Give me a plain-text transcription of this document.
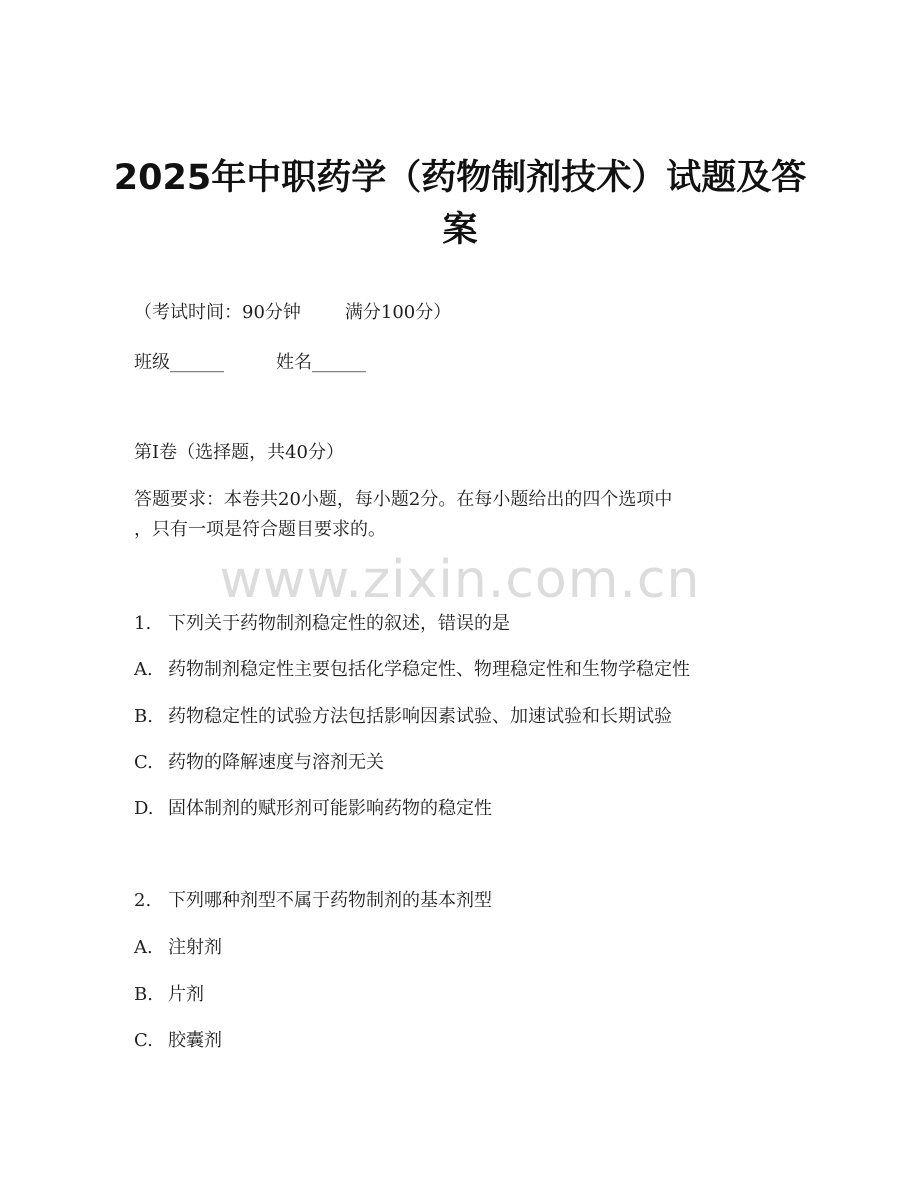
2025年中职药学（药物制剂技术）试题及答
案
（考试时间：90分钟 满分100分）
班级______	姓名______
第I卷（选择题，共40分）
答题要求：本卷共20小题，每小题2分。在每小题给出的四个选项中
，只有一项是符合题目要求的。
www.zixin.com.cn
1. 下列关于药物制剂稳定性的叙述，错误的是
A. 药物制剂稳定性主要包括化学稳定性、物理稳定性和生物学稳定性
B. 药物稳定性的试验方法包括影响因素试验、加速试验和长期试验
C. 药物的降解速度与溶剂无关
D. 固体制剂的赋形剂可能影响药物的稳定性
2. 下列哪种剂型不属于药物制剂的基本剂型
A. 注射剂
B. 片剂
C. 胶囊剂
